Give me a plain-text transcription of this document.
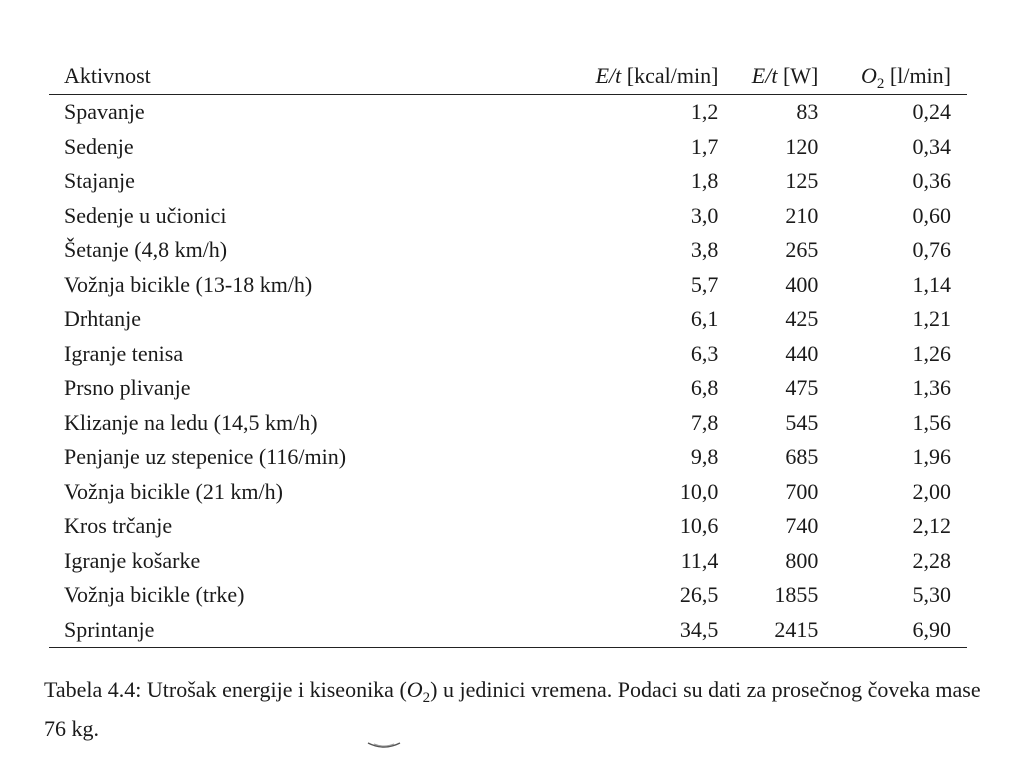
Aktivnost	E/t [kcal/min]	E/t [W]	$O_2$ [l/min]
Spavanje	1,2	83	0,24
Sedenje	1,7	120	0,34
Stajanje	1,8	125	0,36
Sedenje u učionici	3,0	210	0,60
Šetanje (4,8 km/h)	3,8	265	0,76
Vožnja bicikle (13-18 km/h)	5,7	400	1,14
Drhtanje	6,1	425	1,21
Igranje tenisa	6,3	440	1,26
Prsno plivanje	6,8	475	1,36
Klizanje na ledu (14,5 km/h)	7,8	545	1,56
Penjanje uz stepenice (116/min)	9,8	685	1,96
Vožnja bicikle (21 km/h)	10,0	700	2,00
Kros trčanje	10,6	740	2,12
Igranje košarke	11,4	800	2,28
Vožnja bicikle (trke)	26,5	1855	5,30
Sprintanje	34,5	2415	6,90

Tabela 4.4: Utrošak energije i kiseonika $(O_2)$ u jedinici vremena. Podaci su dati za prosečnog čoveka mase 76 kg.
